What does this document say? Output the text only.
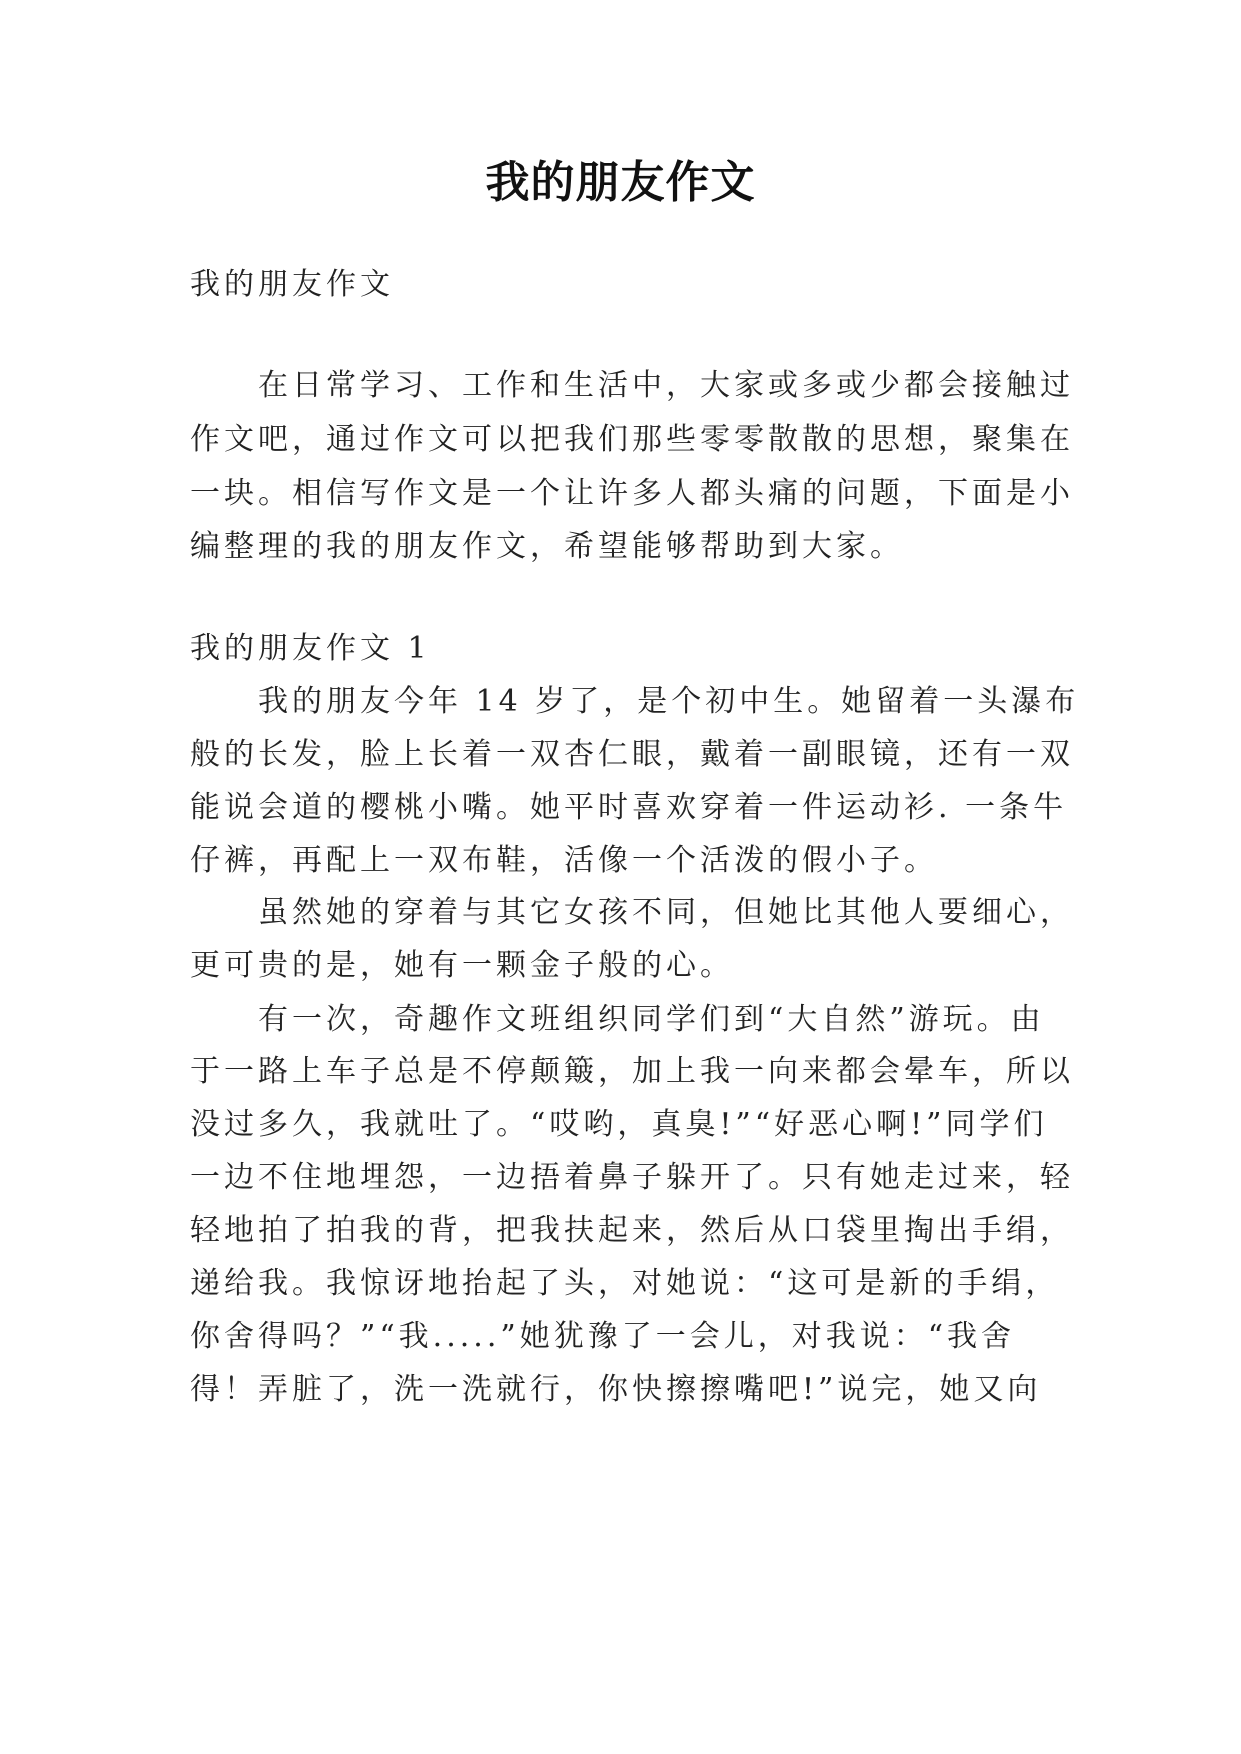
我的朋友作文
我的朋友作文
在日常学习、工作和生活中，大家或多或少都会接触过
作文吧，通过作文可以把我们那些零零散散的思想，聚集在
一块。相信写作文是一个让许多人都头痛的问题，下面是小
编整理的我的朋友作文，希望能够帮助到大家。
我的朋友作文 1
我的朋友今年 14 岁了，是个初中生。她留着一头瀑布
般的长发，脸上长着一双杏仁眼，戴着一副眼镜，还有一双
能说会道的樱桃小嘴。她平时喜欢穿着一件运动衫. 一条牛
仔裤，再配上一双布鞋，活像一个活泼的假小子。
虽然她的穿着与其它女孩不同，但她比其他人要细心，
更可贵的是，她有一颗金子般的心。
有一次，奇趣作文班组织同学们到“大自然”游玩。由
于一路上车子总是不停颠簸，加上我一向来都会晕车，所以
没过多久，我就吐了。“哎哟，真臭!”“好恶心啊!”同学们
一边不住地埋怨，一边捂着鼻子躲开了。只有她走过来，轻
轻地拍了拍我的背，把我扶起来，然后从口袋里掏出手绢，
递给我。我惊讶地抬起了头，对她说：“这可是新的手绢，
你舍得吗？”“我.....”她犹豫了一会儿，对我说：“我舍
得！弄脏了，洗一洗就行，你快擦擦嘴吧!”说完，她又向
